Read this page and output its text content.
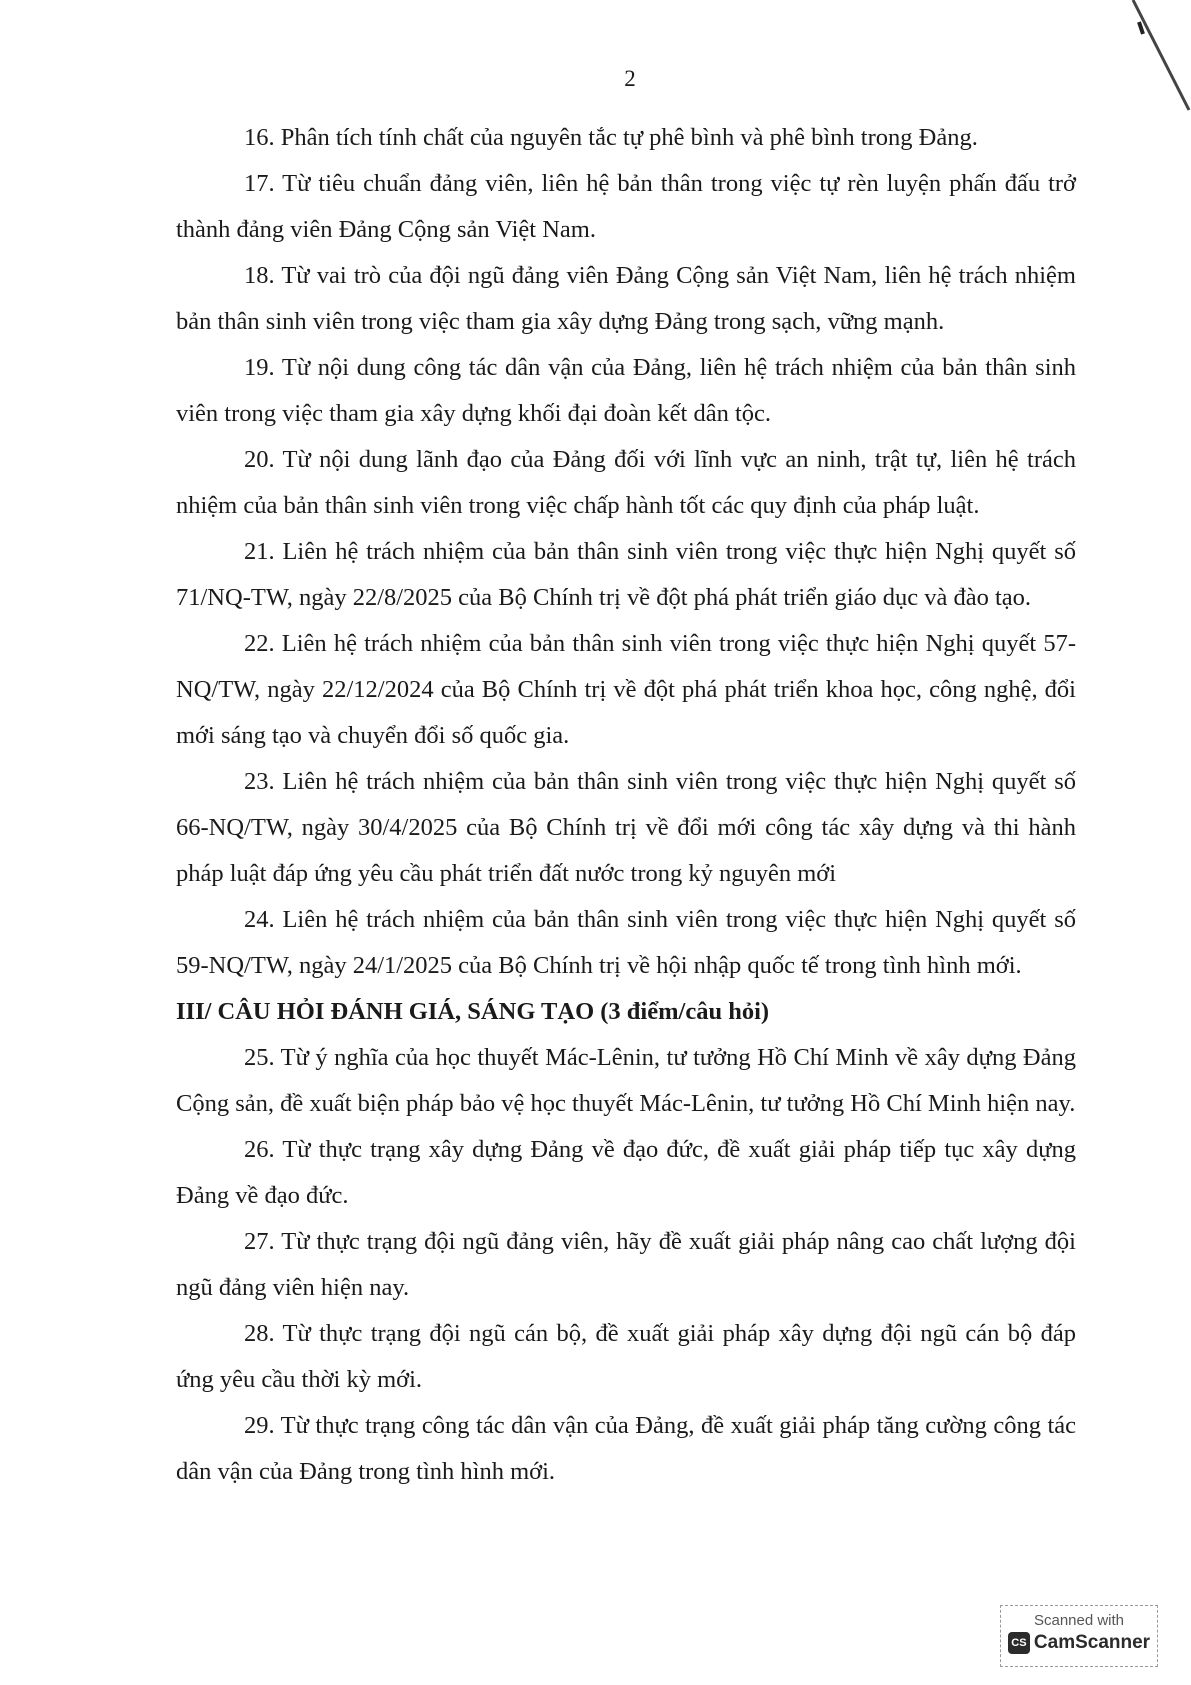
2

16. Phân tích tính chất của nguyên tắc tự phê bình và phê bình trong Đảng.

17. Từ tiêu chuẩn đảng viên, liên hệ bản thân trong việc tự rèn luyện phấn đấu trở thành đảng viên Đảng Cộng sản Việt Nam.

18. Từ vai trò của đội ngũ đảng viên Đảng Cộng sản Việt Nam, liên hệ trách nhiệm bản thân sinh viên trong việc tham gia xây dựng Đảng trong sạch, vững mạnh.

19. Từ nội dung công tác dân vận của Đảng, liên hệ trách nhiệm của bản thân sinh viên trong việc tham gia xây dựng khối đại đoàn kết dân tộc.

20. Từ nội dung lãnh đạo của Đảng đối với lĩnh vực an ninh, trật tự, liên hệ trách nhiệm của bản thân sinh viên trong việc chấp hành tốt các quy định của pháp luật.

21. Liên hệ trách nhiệm của bản thân sinh viên trong việc thực hiện Nghị quyết số 71/NQ-TW, ngày 22/8/2025 của Bộ Chính trị về đột phá phát triển giáo dục và đào tạo.

22. Liên hệ trách nhiệm của bản thân sinh viên trong việc thực hiện Nghị quyết 57-NQ/TW, ngày 22/12/2024 của Bộ Chính trị về đột phá phát triển khoa học, công nghệ, đổi mới sáng tạo và chuyển đổi số quốc gia.

23. Liên hệ trách nhiệm của bản thân sinh viên trong việc thực hiện Nghị quyết số 66-NQ/TW, ngày 30/4/2025 của Bộ Chính trị về đổi mới công tác xây dựng và thi hành pháp luật đáp ứng yêu cầu phát triển đất nước trong kỷ nguyên mới

24. Liên hệ trách nhiệm của bản thân sinh viên trong việc thực hiện Nghị quyết số 59-NQ/TW, ngày 24/1/2025 của Bộ Chính trị về hội nhập quốc tế trong tình hình mới.

III/ CÂU HỎI ĐÁNH GIÁ, SÁNG TẠO (3 điểm/câu hỏi)

25. Từ ý nghĩa của học thuyết Mác-Lênin, tư tưởng Hồ Chí Minh về xây dựng Đảng Cộng sản, đề xuất biện pháp bảo vệ học thuyết Mác-Lênin, tư tưởng Hồ Chí Minh hiện nay.

26. Từ thực trạng xây dựng Đảng về đạo đức, đề xuất giải pháp tiếp tục xây dựng Đảng về đạo đức.

27. Từ thực trạng đội ngũ đảng viên, hãy đề xuất giải pháp nâng cao chất lượng đội ngũ đảng viên hiện nay.

28. Từ thực trạng đội ngũ cán bộ, đề xuất giải pháp xây dựng đội ngũ cán bộ đáp ứng yêu cầu thời kỳ mới.

29. Từ thực trạng công tác dân vận của Đảng, đề xuất giải pháp tăng cường công tác dân vận của Đảng trong tình hình mới.

Scanned with
CS CamScanner
